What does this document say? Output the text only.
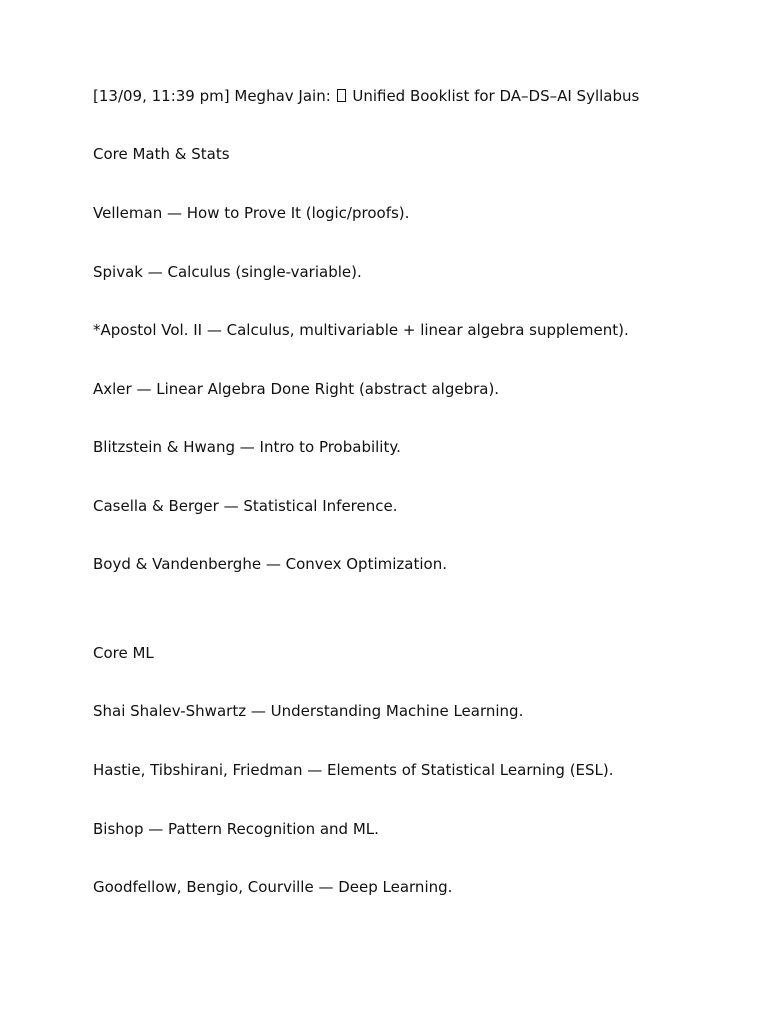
[13/09, 11:39 pm] Meghav Jain: Unified Booklist for DA–DS–AI Syllabus
Core Math & Stats
Velleman — How to Prove It (logic/proofs).
Spivak — Calculus (single-variable).
*Apostol Vol. II — Calculus, multivariable + linear algebra supplement).
Axler — Linear Algebra Done Right (abstract algebra).
Blitzstein & Hwang — Intro to Probability.
Casella & Berger — Statistical Inference.
Boyd & Vandenberghe — Convex Optimization.
Core ML
Shai Shalev-Shwartz — Understanding Machine Learning.
Hastie, Tibshirani, Friedman — Elements of Statistical Learning (ESL).
Bishop — Pattern Recognition and ML.
Goodfellow, Bengio, Courville — Deep Learning.
